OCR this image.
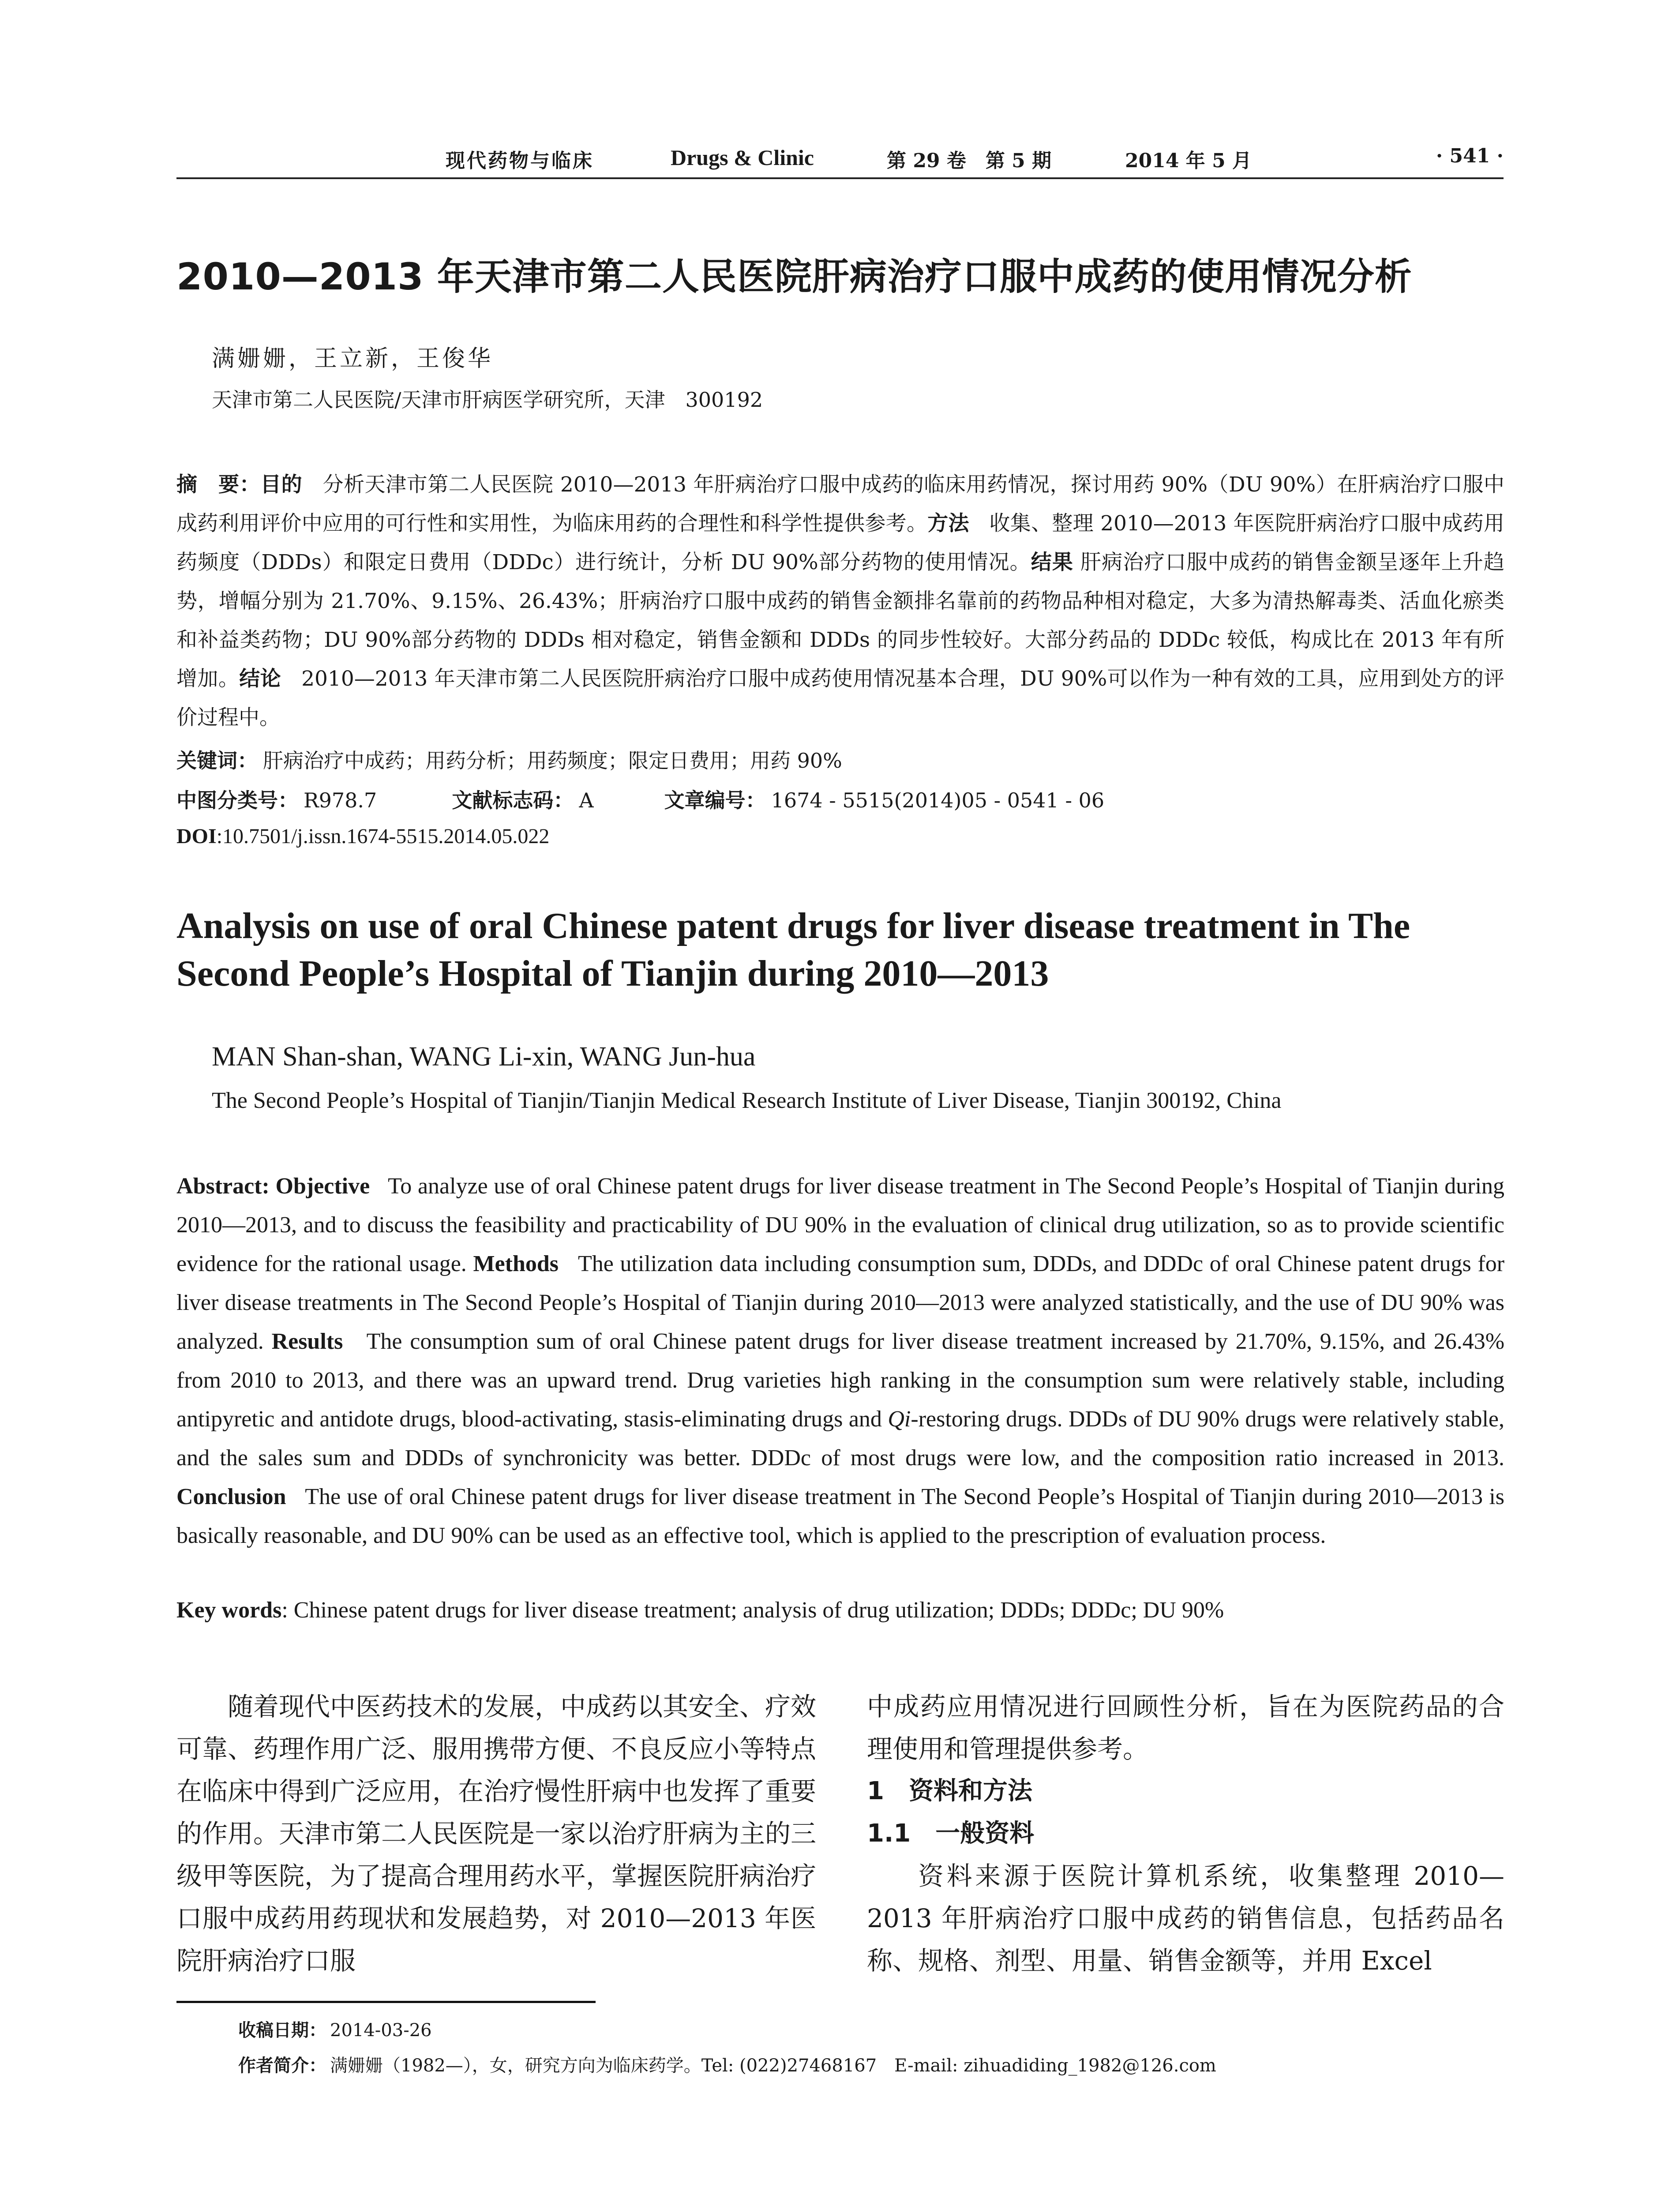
现代药物与临床	Drugs & Clinic	第 29 卷　第 5 期	2014 年 5 月	· 541 ·
2010—2013 年天津市第二人民医院肝病治疗口服中成药的使用情况分析
满姗姗，王立新，王俊华
天津市第二人民医院/天津市肝病医学研究所，天津　300192
摘　要：目的 分析天津市第二人民医院 2010—2013 年肝病治疗口服中成药的临床用药情况，探讨用药 90%（DU 90%）在肝病治疗口服中成药利用评价中应用的可行性和实用性，为临床用药的合理性和科学性提供参考。方法 收集、整理 2010—2013 年医院肝病治疗口服中成药用药频度（DDDs）和限定日费用（DDDc）进行统计，分析 DU 90%部分药物的使用情况。结果 肝病治疗口服中成药的销售金额呈逐年上升趋势，增幅分别为 21.70%、9.15%、26.43%；肝病治疗口服中成药的销售金额排名靠前的药物品种相对稳定，大多为清热解毒类、活血化瘀类和补益类药物；DU 90%部分药物的 DDDs 相对稳定，销售金额和 DDDs 的同步性较好。大部分药品的 DDDc 较低，构成比在 2013 年有所增加。结论 2010—2013 年天津市第二人民医院肝病治疗口服中成药使用情况基本合理，DU 90%可以作为一种有效的工具，应用到处方的评价过程中。
关键词： 肝病治疗中成药；用药分析；用药频度；限定日费用；用药 90%
中图分类号： R978.7	文献标志码： A	文章编号： 1674 - 5515(2014)05 - 0541 - 06
DOI:10.7501/j.issn.1674-5515.2014.05.022
Analysis on use of oral Chinese patent drugs for liver disease treatment in The Second People’s Hospital of Tianjin during 2010—2013
MAN Shan-shan, WANG Li-xin, WANG Jun-hua
The Second People’s Hospital of Tianjin/Tianjin Medical Research Institute of Liver Disease, Tianjin 300192, China
Abstract: Objective To analyze use of oral Chinese patent drugs for liver disease treatment in The Second People’s Hospital of Tianjin during 2010—2013, and to discuss the feasibility and practicability of DU 90% in the evaluation of clinical drug utilization, so as to provide scientific evidence for the rational usage. Methods The utilization data including consumption sum, DDDs, and DDDc of oral Chinese patent drugs for liver disease treatments in The Second People’s Hospital of Tianjin during 2010—2013 were analyzed statistically, and the use of DU 90% was analyzed. Results The consumption sum of oral Chinese patent drugs for liver disease treatment increased by 21.70%, 9.15%, and 26.43% from 2010 to 2013, and there was an upward trend. Drug varieties high ranking in the consumption sum were relatively stable, including antipyretic and antidote drugs, blood-activating, stasis-eliminating drugs and Qi-restoring drugs. DDDs of DU 90% drugs were relatively stable, and the sales sum and DDDs of synchronicity was better. DDDc of most drugs were low, and the composition ratio increased in 2013. Conclusion The use of oral Chinese patent drugs for liver disease treatment in The Second People’s Hospital of Tianjin during 2010—2013 is basically reasonable, and DU 90% can be used as an effective tool, which is applied to the prescription of evaluation process.
Key words: Chinese patent drugs for liver disease treatment; analysis of drug utilization; DDDs; DDDc; DU 90%
随着现代中医药技术的发展，中成药以其安全、疗效可靠、药理作用广泛、服用携带方便、不良反应小等特点在临床中得到广泛应用，在治疗慢性肝病中也发挥了重要的作用。天津市第二人民医院是一家以治疗肝病为主的三级甲等医院，为了提高合理用药水平，掌握医院肝病治疗口服中成药用药现状和发展趋势，对 2010—2013 年医院肝病治疗口服

中成药应用情况进行回顾性分析，旨在为医院药品的合理使用和管理提供参考。

1　资料和方法

1.1　一般资料

资料来源于医院计算机系统，收集整理 2010—2013 年肝病治疗口服中成药的销售信息，包括药品名称、规格、剂型、用量、销售金额等，并用 Excel

收稿日期： 2014-03-26
作者简介： 满姗姗（1982—），女，研究方向为临床药学。Tel: (022)27468167　E-mail: zihuadiding_1982@126.com
